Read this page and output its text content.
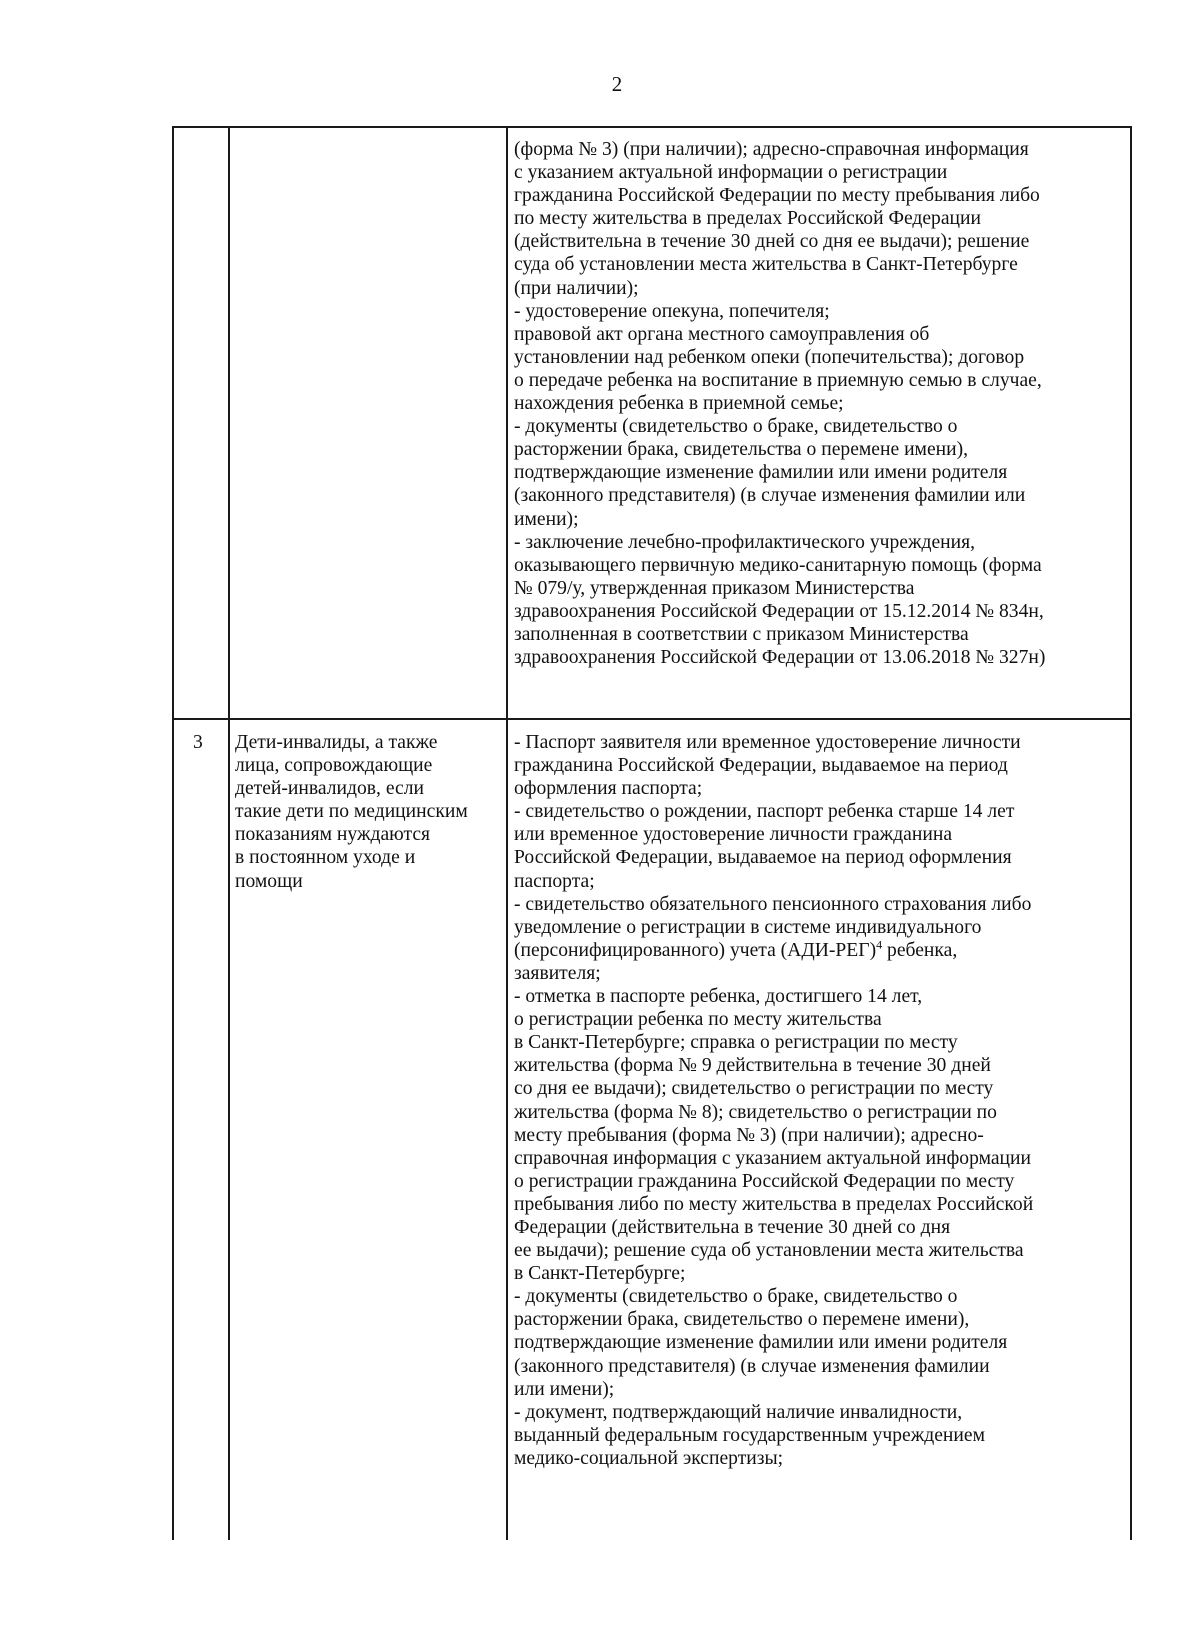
2
(форма № 3) (при наличии); адресно-справочная информация
с указанием актуальной информации о регистрации
гражданина Российской Федерации по месту пребывания либо
по месту жительства в пределах Российской Федерации
(действительна в течение 30 дней со дня ее выдачи); решение
суда об установлении места жительства в Санкт-Петербурге
(при наличии);
- удостоверение опекуна, попечителя;
правовой акт органа местного самоуправления об
установлении над ребенком опеки (попечительства); договор
о передаче ребенка на воспитание в приемную семью в случае,
нахождения ребенка в приемной семье;
- документы (свидетельство о браке, свидетельство о
расторжении брака, свидетельства о перемене имени),
подтверждающие изменение фамилии или имени родителя
(законного представителя) (в случае изменения фамилии или
имени);
- заключение лечебно-профилактического учреждения,
оказывающего первичную медико-санитарную помощь (форма
№ 079/у, утвержденная приказом Министерства
здравоохранения Российской Федерации от 15.12.2014 № 834н,
заполненная в соответствии с приказом Министерства
здравоохранения Российской Федерации от 13.06.2018 № 327н)
3 Дети-инвалиды, а также
лица, сопровождающие
детей-инвалидов, если
такие дети по медицинским
показаниям нуждаются
в постоянном уходе и
помощи
- Паспорт заявителя или временное удостоверение личности
гражданина Российской Федерации, выдаваемое на период
оформления паспорта;
- свидетельство о рождении, паспорт ребенка старше 14 лет
или временное удостоверение личности гражданина
Российской Федерации, выдаваемое на период оформления
паспорта;
- свидетельство обязательного пенсионного страхования либо
уведомление о регистрации в системе индивидуального
(персонифицированного) учета $(АДИ-РЕГ)^4$ ребенка,
заявителя;
- отметка в паспорте ребенка, достигшего 14 лет,
о регистрации ребенка по месту жительства
в Санкт-Петербурге; справка о регистрации по месту
жительства (форма № 9 действительна в течение 30 дней
со дня ее выдачи); свидетельство о регистрации по месту
жительства (форма № 8); свидетельство о регистрации по
месту пребывания (форма № 3) (при наличии); адресно-
справочная информация с указанием актуальной информации
о регистрации гражданина Российской Федерации по месту
пребывания либо по месту жительства в пределах Российской
Федерации (действительна в течение 30 дней со дня
ее выдачи); решение суда об установлении места жительства
в Санкт-Петербурге;
- документы (свидетельство о браке, свидетельство о
расторжении брака, свидетельство о перемене имени),
подтверждающие изменение фамилии или имени родителя
(законного представителя) (в случае изменения фамилии
или имени);
- документ, подтверждающий наличие инвалидности,
выданный федеральным государственным учреждением
медико-социальной экспертизы;
